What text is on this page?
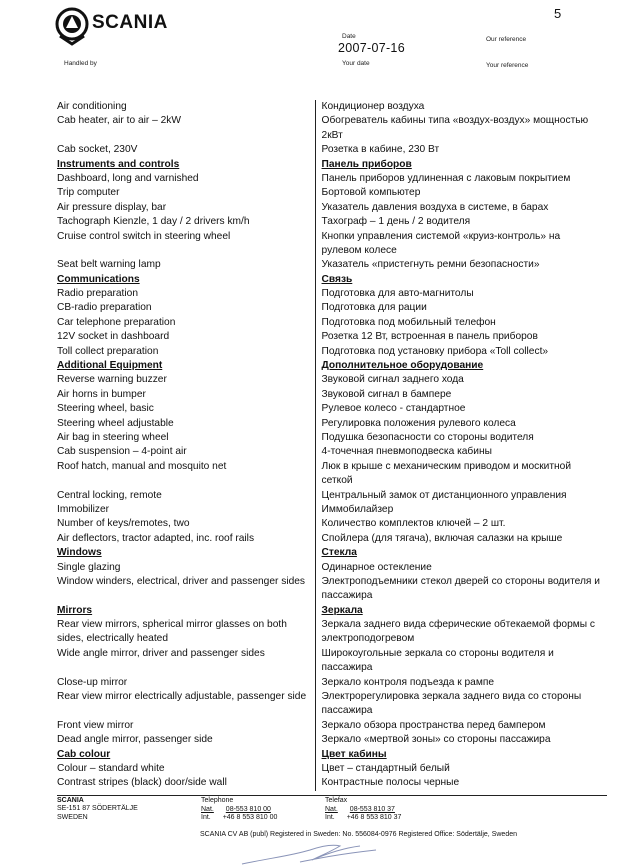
SCANIA	5
Date
2007-07-16
Our reference
Handled by	Your date	Your reference
Air conditioning	Кондиционер воздуха
Cab heater, air to air – 2kW	Обогреватель кабины типа «воздух-воздух» мощностью
2кВт
Cab socket, 230V	Розетка в кабине, 230 Вт
Instruments and controls	Панель приборов
Dashboard, long and varnished	Панель приборов удлиненная с лаковым покрытием
Trip computer	Бортовой компьютер
Air pressure display, bar	Указатель давления воздуха в системе, в барах
Tachograph Kienzle, 1 day / 2 drivers km/h	Тахограф – 1 день / 2 водителя
Cruise control switch in steering wheel	Кнопки управления системой «круиз-контроль» на
рулевом колесе
Seat belt warning lamp	Указатель «пристегнуть ремни безопасности»
Communications	Связь
Radio preparation	Подготовка для авто-магнитолы
CB-radio preparation	Подготовка для рации
Car telephone preparation	Подготовка под мобильный телефон
12V socket in dashboard	Розетка 12 Вт, встроенная в панель приборов
Toll collect preparation	Подготовка под установку прибора «Toll collect»
Additional Equipment	Дополнительное оборудование
Reverse warning buzzer	Звуковой сигнал заднего хода
Air horns in bumper	Звуковой сигнал в бампере
Steering wheel, basic	Рулевое колесо - стандартное
Steering wheel adjustable	Регулировка положения рулевого колеса
Air bag in steering wheel	Подушка безопасности со стороны водителя
Cab suspension – 4-point air	4-точечная пневмоподвеска кабины
Roof hatch, manual and mosquito net	Люк в крыше с механическим приводом и москитной
сеткой
Central locking, remote	Центральный замок от дистанционного управления
Immobilizer	Иммобилайзер
Number of keys/remotes, two	Количество комплектов ключей – 2 шт.
Air deflectors, tractor adapted, inc. roof rails	Спойлера (для тягача), включая салазки на крыше
Windows	Стекла
Single glazing	Одинарное остекление
Window winders, electrical, driver and passenger sides	Электроподъемники стекол дверей со стороны водителя и
пассажира
Mirrors	Зеркала
Rear view mirrors, spherical mirror glasses on both	Зеркала заднего вида сферические обтекаемой формы с
sides, electrically heated	электроподогревом
Wide angle mirror, driver and passenger sides	Широкоугольные зеркала со стороны водителя и
пассажира
Close-up mirror	Зеркало контроля подъезда к рампе
Rear view mirror electrically adjustable, passenger side	Электрорегулировка зеркала заднего вида со стороны
пассажира
Front view mirror	Зеркало обзора пространства перед бампером
Dead angle mirror, passenger side	Зеркало «мертвой зоны» со стороны пассажира
Cab colour	Цвет кабины
Colour – standard white	Цвет – стандартный белый
Contrast stripes (black) door/side wall	Контрастные полосы черные
SCANIA
SE-151 87 SÖDERTÄLJE
SWEDEN
Telephone
Nat. 08-553 810 00
Int. +46 8 553 810 00
Telefax
Nat. 08-553 810 37
Int. +46 8 553 810 37
SCANIA CV AB (publ) Registered in Sweden: No. 556084-0976 Registered Office: Södertälje, Sweden
